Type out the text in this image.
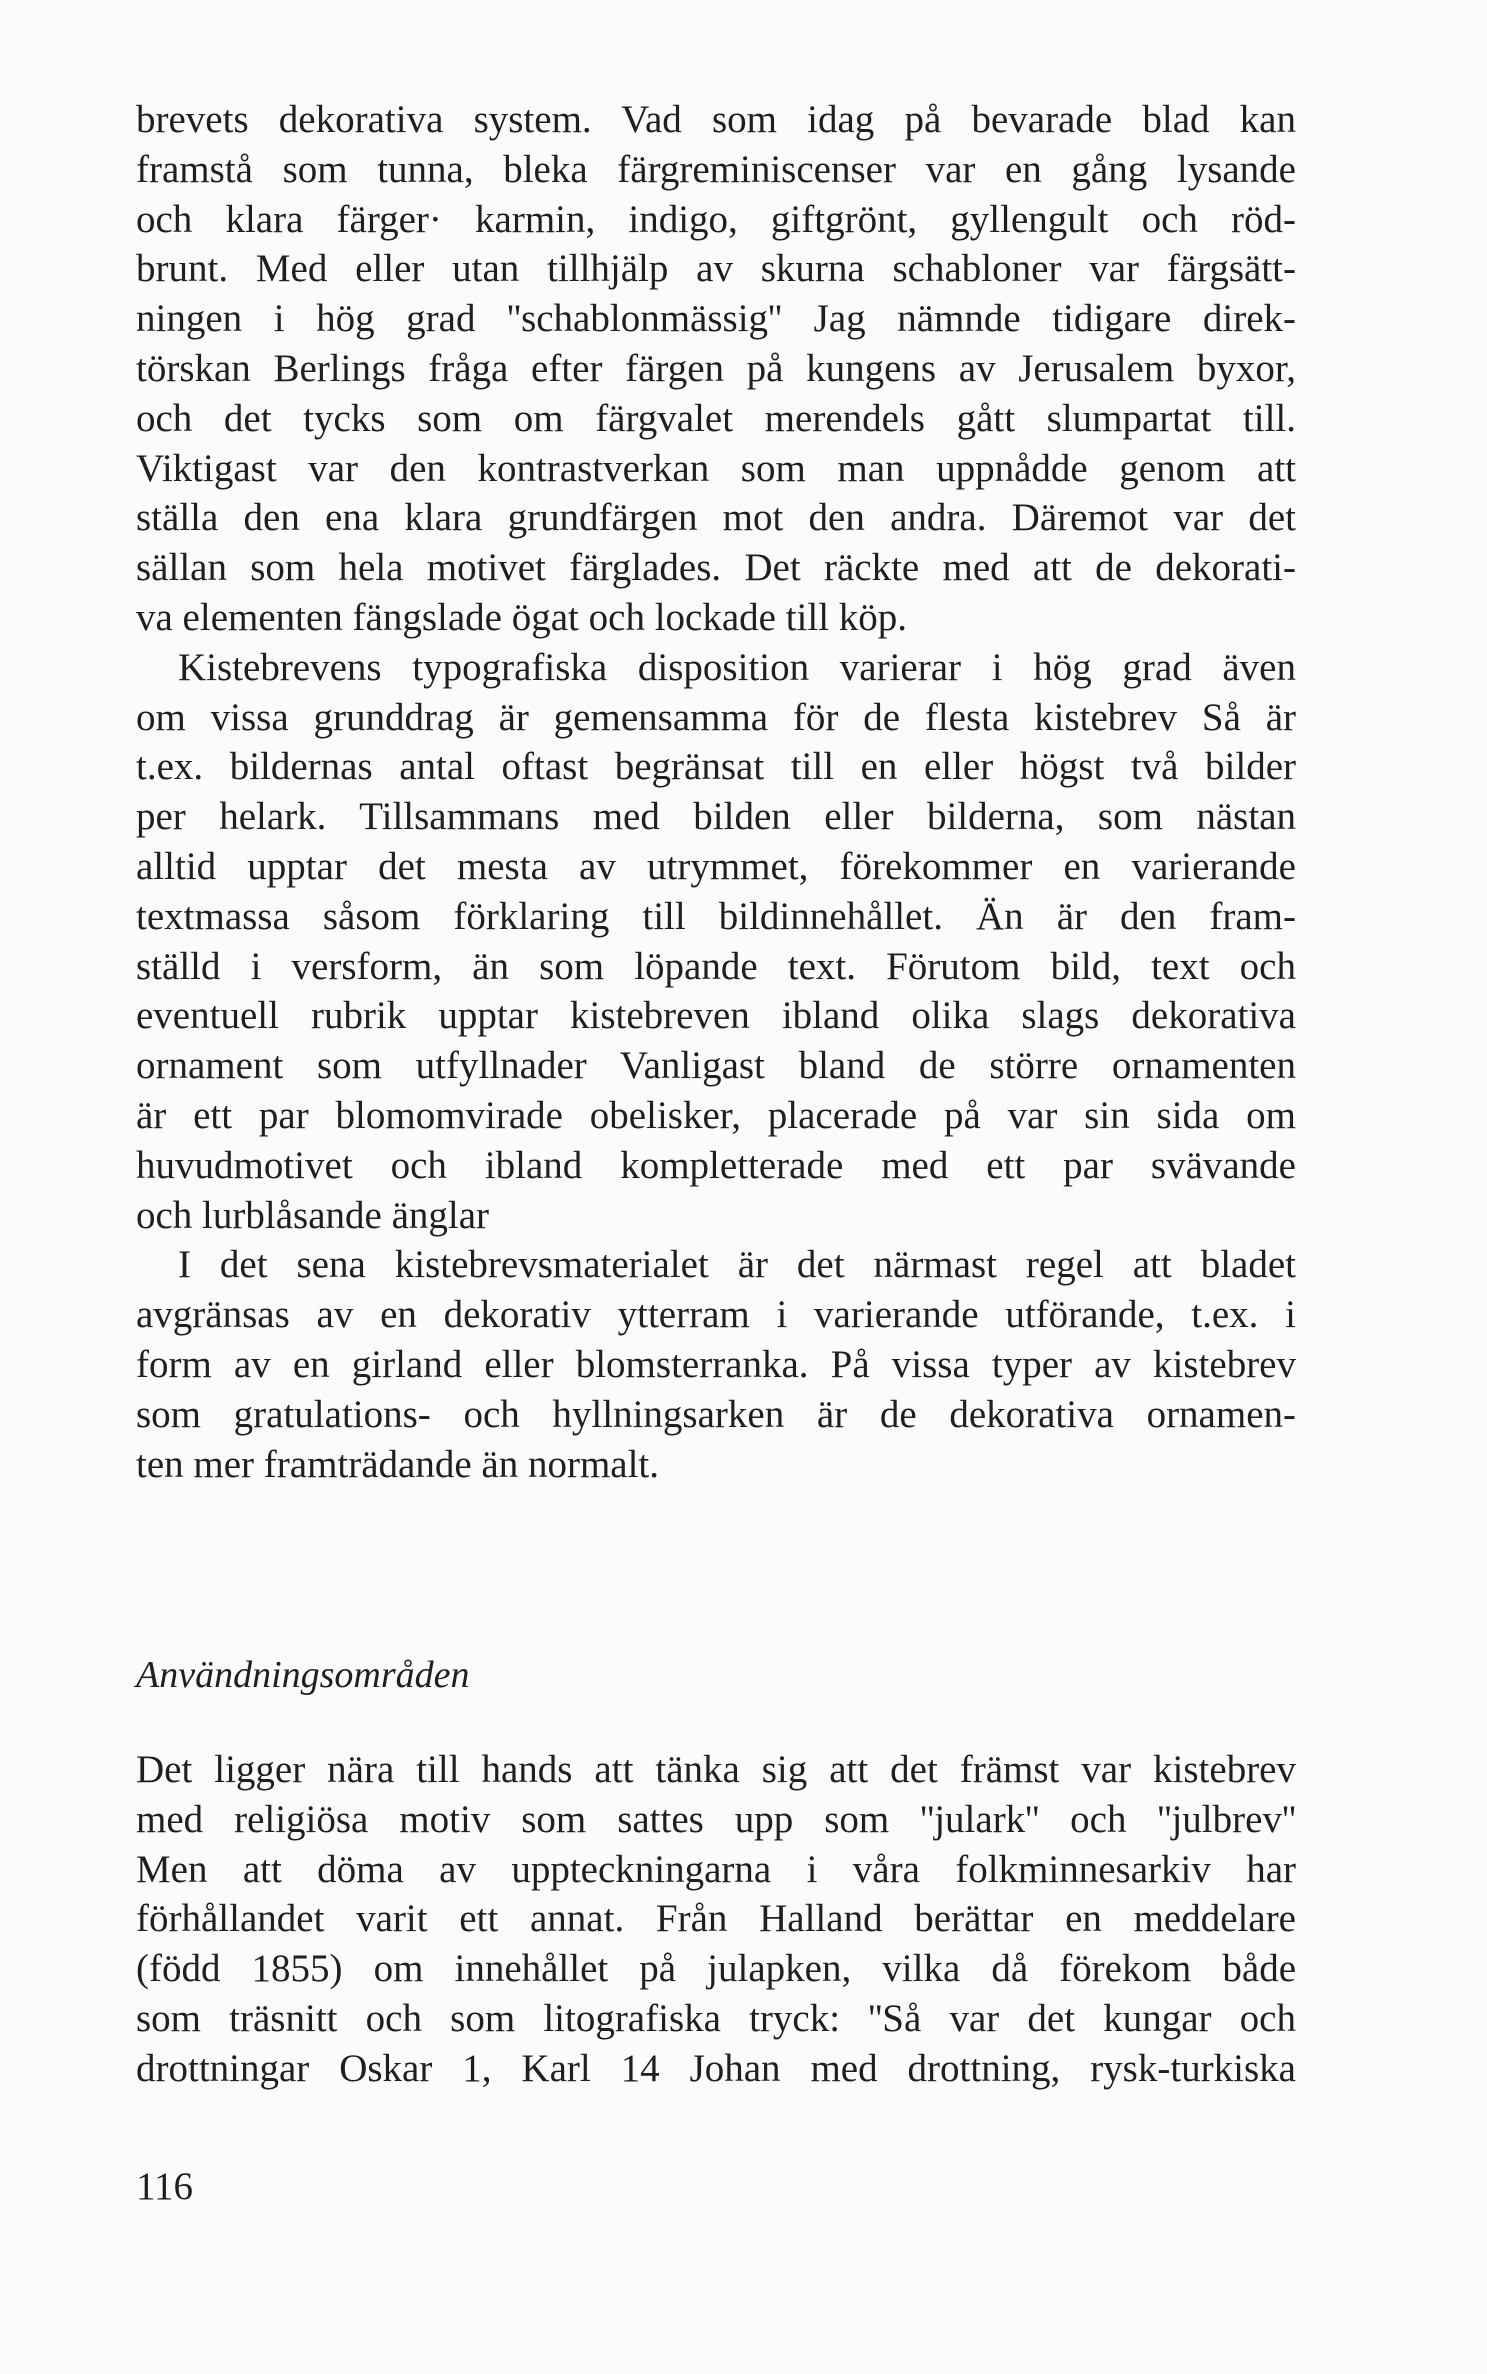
brevets dekorativa system. Vad som idag på bevarade blad kan
framstå som tunna, bleka färgreminiscenser var en gång lysande
och klara färger· karmin, indigo, giftgrönt, gyllengult och röd-
brunt. Med eller utan tillhjälp av skurna schabloner var färgsätt-
ningen i hög grad ''schablonmässig'' Jag nämnde tidigare direk-
törskan Berlings fråga efter färgen på kungens av Jerusalem byxor,
och det tycks som om färgvalet merendels gått slumpartat till.
Viktigast var den kontrastverkan som man uppnådde genom att
ställa den ena klara grundfärgen mot den andra. Däremot var det
sällan som hela motivet färglades. Det räckte med att de dekorati-
va elementen fängslade ögat och lockade till köp.
Kistebrevens typografiska disposition varierar i hög grad även
om vissa grunddrag är gemensamma för de flesta kistebrev Så är
t.ex. bildernas antal oftast begränsat till en eller högst två bilder
per helark. Tillsammans med bilden eller bilderna, som nästan
alltid upptar det mesta av utrymmet, förekommer en varierande
textmassa såsom förklaring till bildinnehållet. Än är den fram-
ställd i versform, än som löpande text. Förutom bild, text och
eventuell rubrik upptar kistebreven ibland olika slags dekorativa
ornament som utfyllnader Vanligast bland de större ornamenten
är ett par blomomvirade obelisker, placerade på var sin sida om
huvudmotivet och ibland kompletterade med ett par svävande
och lurblåsande änglar
I det sena kistebrevsmaterialet är det närmast regel att bladet
avgränsas av en dekorativ ytterram i varierande utförande, t.ex. i
form av en girland eller blomsterranka. På vissa typer av kistebrev
som gratulations- och hyllningsarken är de dekorativa ornamen-
ten mer framträdande än normalt.
Användningsområden
Det ligger nära till hands att tänka sig att det främst var kistebrev
med religiösa motiv som sattes upp som ''julark'' och ''julbrev''
Men att döma av uppteckningarna i våra folkminnesarkiv har
förhållandet varit ett annat. Från Halland berättar en meddelare
(född 1855) om innehållet på julарken, vilka då förekom både
som träsnitt och som litografiska tryck: ''Så var det kungar och
drottningar Oskar 1, Karl 14 Johan med drottning, rysk-turkiska
116
